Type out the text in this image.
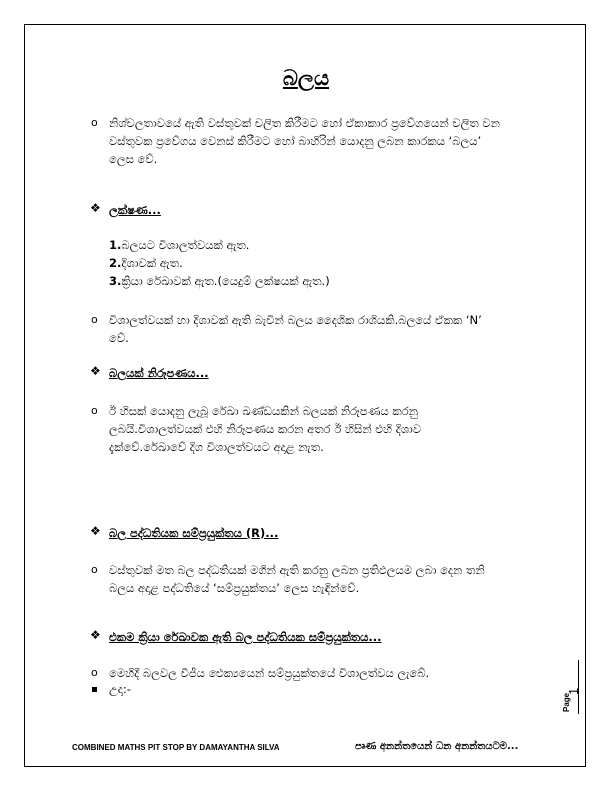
බලය
o නිශ්චලතාවයේ ඇති වස්තුවක් චලිත කිරීමට හෝ ඒකාකාර ප්‍රවේගයෙන් චලිත වන
වස්තුවක ප්‍රවේගය වෙනස් කිරීමට හෝ බාහිරින් යොදනු ලබන කාරකය ‘බලය’
ලෙස වේ.
❖ ලක්ෂණ...
1.බලයට විශාලත්වයක් ඇත.
2.දිශාවක් ඇත.
3.ක්‍රියා රේඛාවක් ඇත.(යෙදුම් ලක්ෂයක් ඇත.)
o විශාලත්වයක් හා දිශාවක් ඇති බැවින් බලය දෛශික රාශියකි.බලයේ ඒකක ‘N’
වේ.
❖ බලයක් නිරූපණය...
o ඊ හිසක් යොදනු ලැබූ රේඛා ඛණ්ඩයකින් බලයක් නිරූපණය කරනු
ලබයි.විශාලත්වයක් එහි නිරූපණය කරන අතර ඊ හිසින් එහි දිශාව
දැක්වේ.රේඛාවේ දිග විශාලත්වයට අදාළ නැත.
❖ බල පද්ධතියක සම්ප්‍රයුක්තය (R)...
o වස්තුවක් මත බල පද්ධතියක් මගින් ඇති කරනු ලබන ප්‍රතිඵලයම ලබා දෙන තනි
බලය අදාළ පද්ධතියේ ‘සම්ප්‍රයුක්තය’ ලෙස හැඳින්වේ.
❖ එකම ක්‍රියා රේඛාවක ඇති බල පද්ධතියක සම්ප්‍රයුක්තය...
o මෙහිදී බලවල වීජීය ඓක්‍යයෙන් සම්ප්‍රයුක්තයේ විශාලත්වය ලැබේ.
උදා:-
Page
1
COMBINED MATHS PIT STOP BY DAMAYANTHA SILVA	පෘණ අනන්තයෙන් ධන අනන්තයටම...
